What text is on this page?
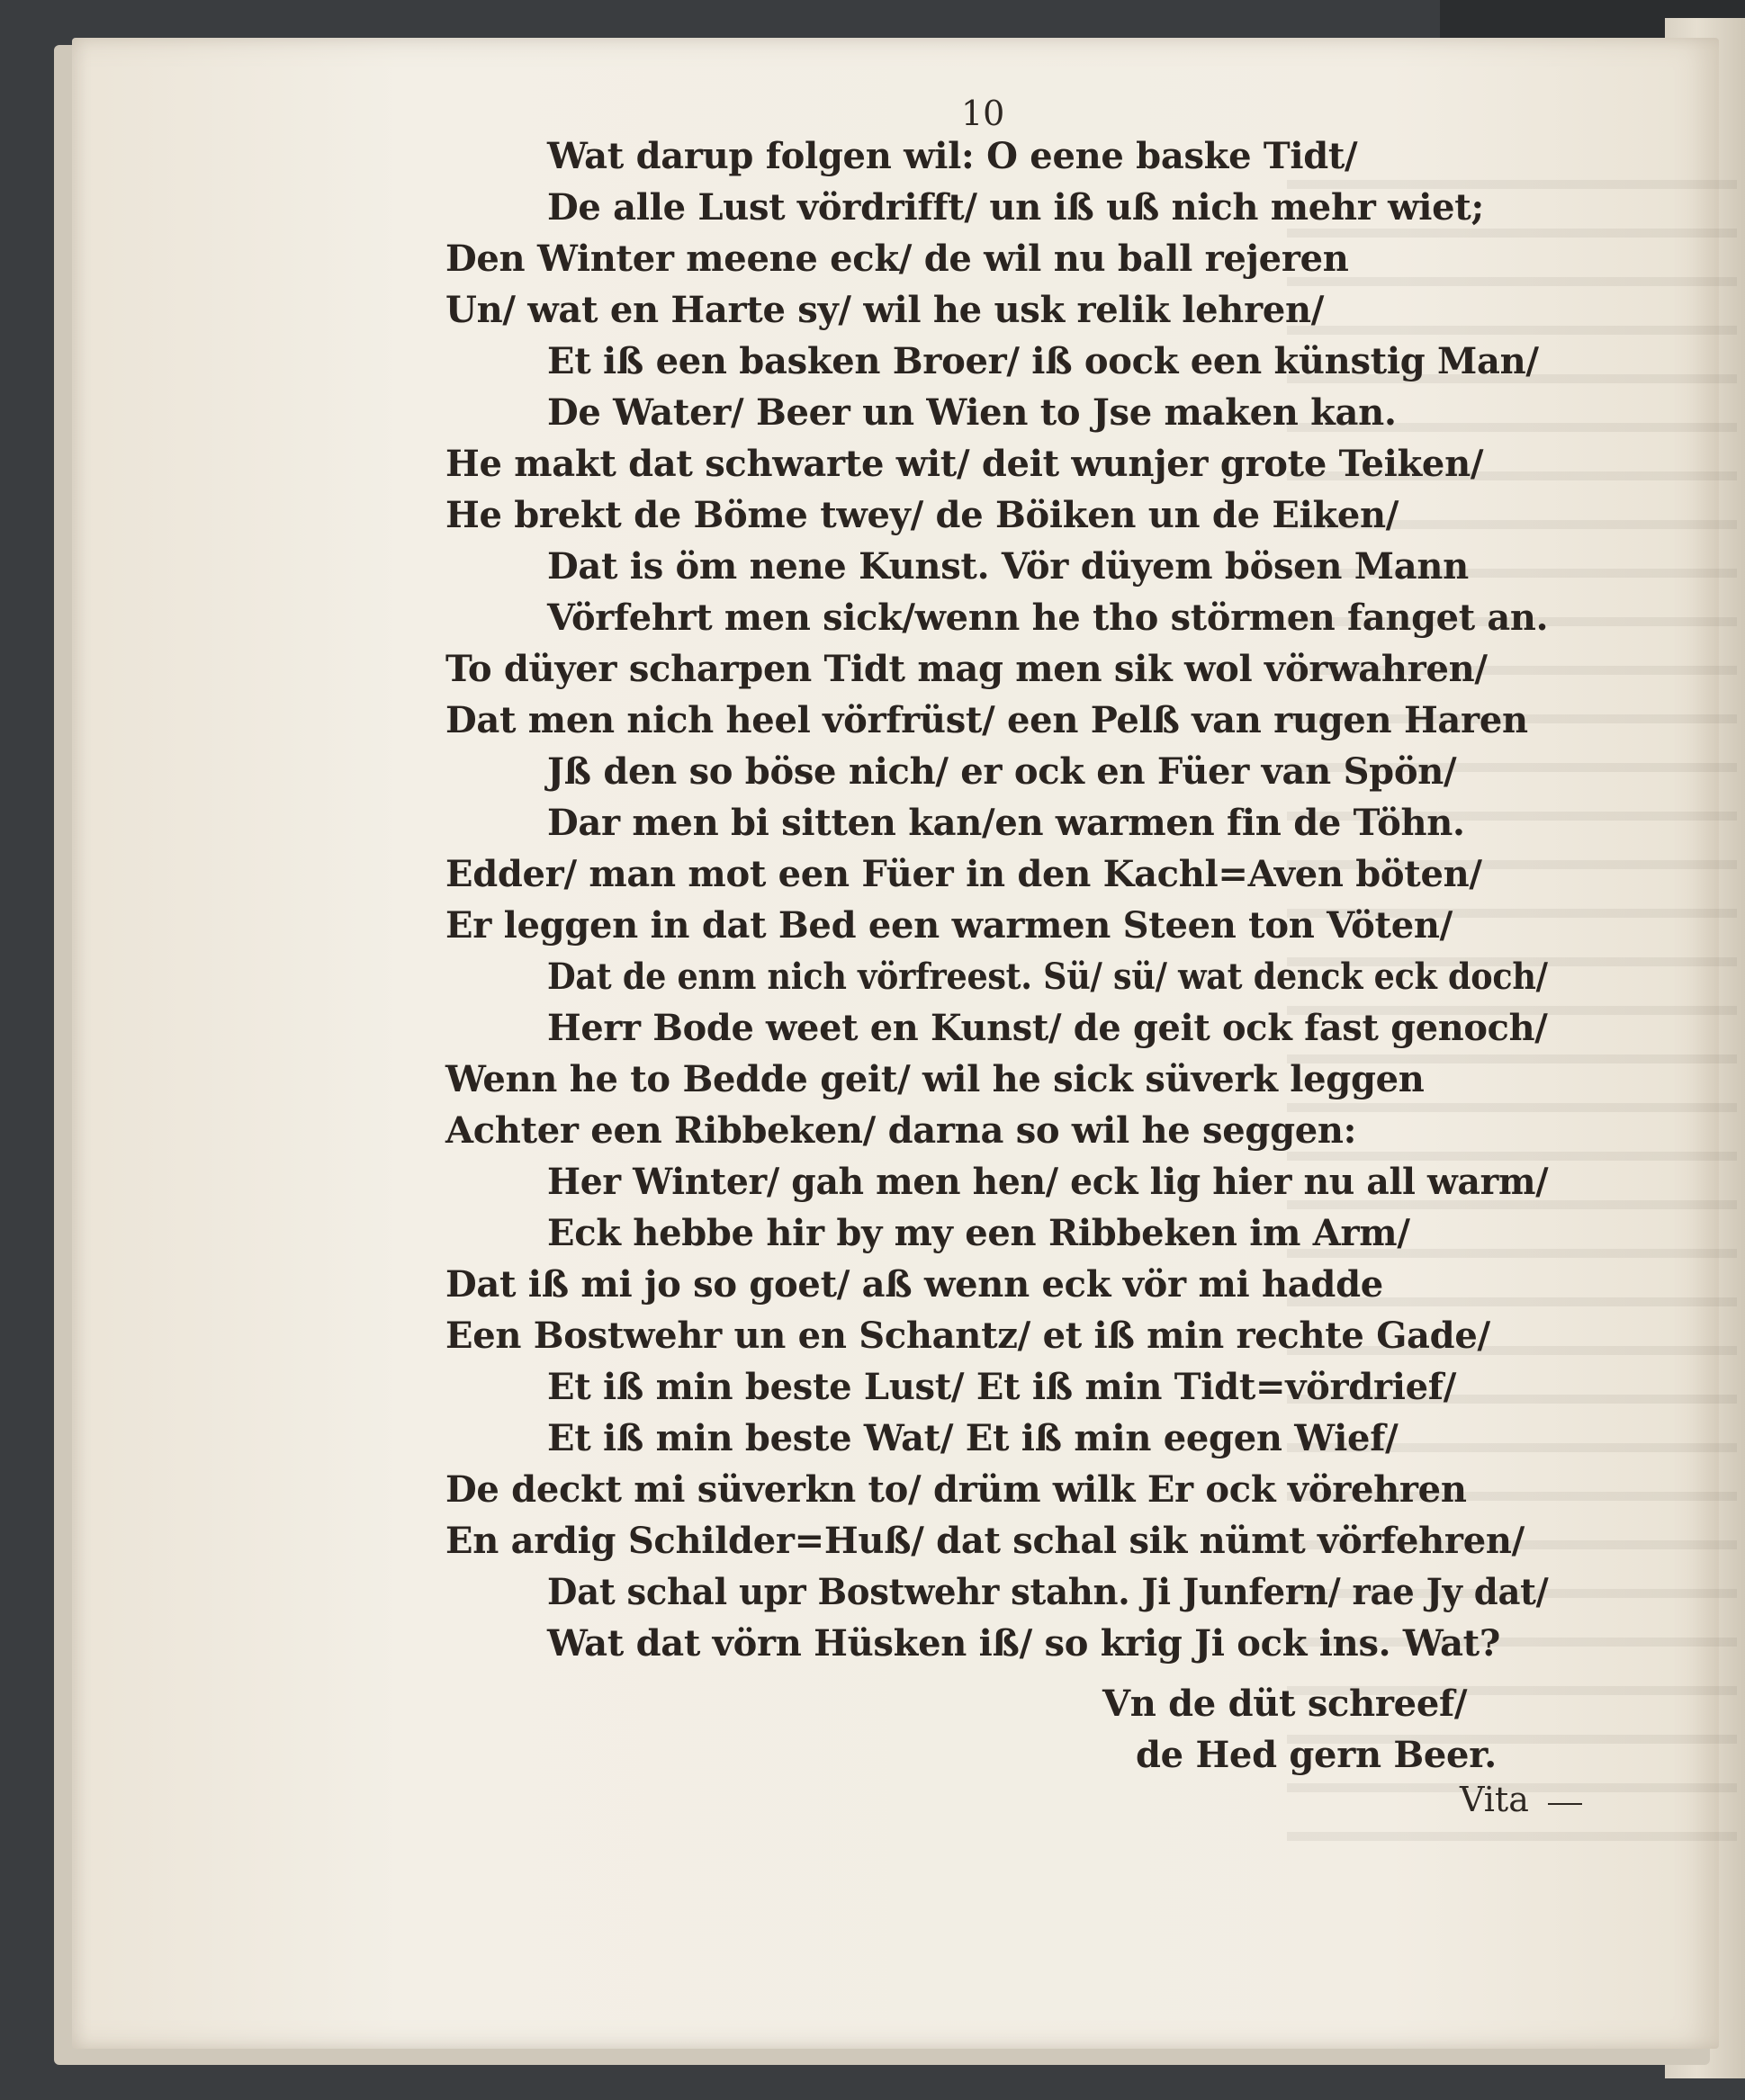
10

Wat darup folgen wil: O eene baske Tidt/

De alle Lust vördrifft/ un iß uß nich mehr wiet;

Den Winter meene eck/ de wil nu ball rejeren

Un/ wat en Harte sy/ wil he usk relik lehren/

Et iß een basken Broer/ iß oock een künstig Man/

De Water/ Beer un Wien to Jse maken kan.

He makt dat schwarte wit/ deit wunjer grote Teiken/

He brekt de Böme twey/ de Böiken un de Eiken/

Dat is öm nene Kunst. Vör düyem bösen Mann

Vörfehrt men sick/wenn he tho störmen fanget an.

To düyer scharpen Tidt mag men sik wol vörwahren/

Dat men nich heel vörfrüst/ een Pelß van rugen Haren

Jß den so böse nich/ er ock en Füer van Spön/

Dar men bi sitten kan/en warmen fin de Töhn.

Edder/ man mot een Füer in den Kachl=Aven böten/

Er leggen in dat Bed een warmen Steen ton Vöten/

Dat de enm nich vörfreest. Sü/ sü/ wat denck eck doch/

Herr Bode weet en Kunst/ de geit ock fast genoch/

Wenn he to Bedde geit/ wil he sick süverk leggen

Achter een Ribbeken/ darna so wil he seggen:

Her Winter/ gah men hen/ eck lig hier nu all warm/

Eck hebbe hir by my een Ribbeken im Arm/

Dat iß mi jo so goet/ aß wenn eck vör mi hadde

Een Bostwehr un en Schantz/ et iß min rechte Gade/

Et iß min beste Lust/ Et iß min Tidt=vördrief/

Et iß min beste Wat/ Et iß min eegen Wief/

De deckt mi süverkn to/ drüm wilk Er ock vörehren

En ardig Schilder=Huß/ dat schal sik nümt vörfehren/

Dat schal upr Bostwehr stahn. Ji Junfern/ rae Jy dat/

Wat dat vörn Hüsken iß/ so krig Ji ock ins. Wat?

Vn de düt schreef/

de Hed gern Beer.

Vita
